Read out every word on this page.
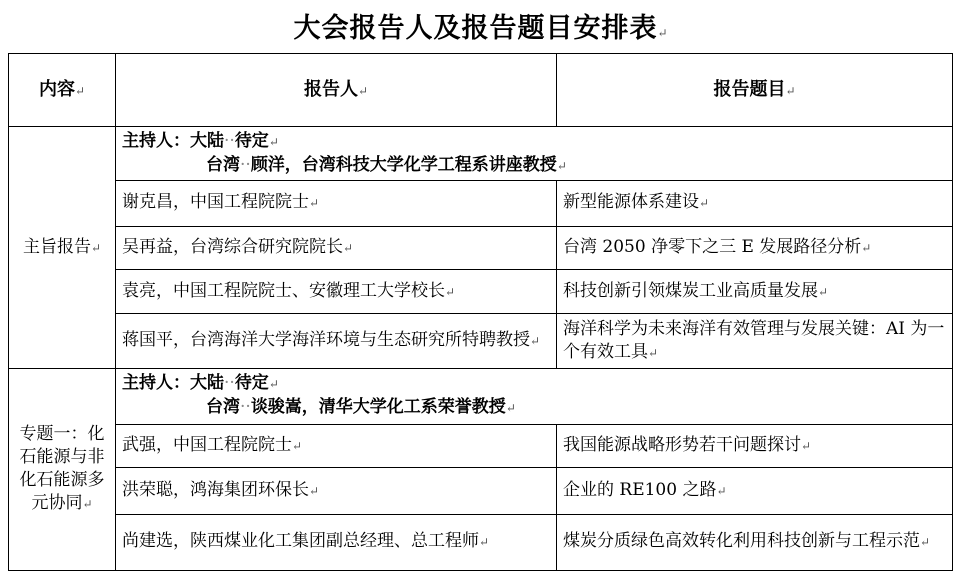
大会报告人及报告题目安排表↵
内容↵	报告人↵	报告题目↵
主旨报告↵	主持人：大陆··待定↵
台湾··顾洋，台湾科技大学化学工程系讲座教授↵	

	谢克昌，中国工程院院士↵	新型能源体系建设↵
	吴再益，台湾综合研究院院长↵	台湾 2050 净零下之三 E 发展路径分析↵
	袁亮，中国工程院院士、安徽理工大学校长↵	科技创新引领煤炭工业高质量发展↵
	蒋国平，台湾海洋大学海洋环境与生态研究所特聘教授↵	海洋科学为未来海洋有效管理与发展关键：AI 为一个有效工具↵
专题一：化石能源与非化石能源多元协同↵	主持人：大陆··待定↵
台湾··谈骏嵩，清华大学化工系荣誉教授↵	

	武强，中国工程院院士↵	我国能源战略形势若干问题探讨↵
	洪荣聪，鸿海集团环保长↵	企业的 RE100 之路↵
	尚建选，陕西煤业化工集团副总经理、总工程师↵	煤炭分质绿色高效转化利用科技创新与工程示范↵
